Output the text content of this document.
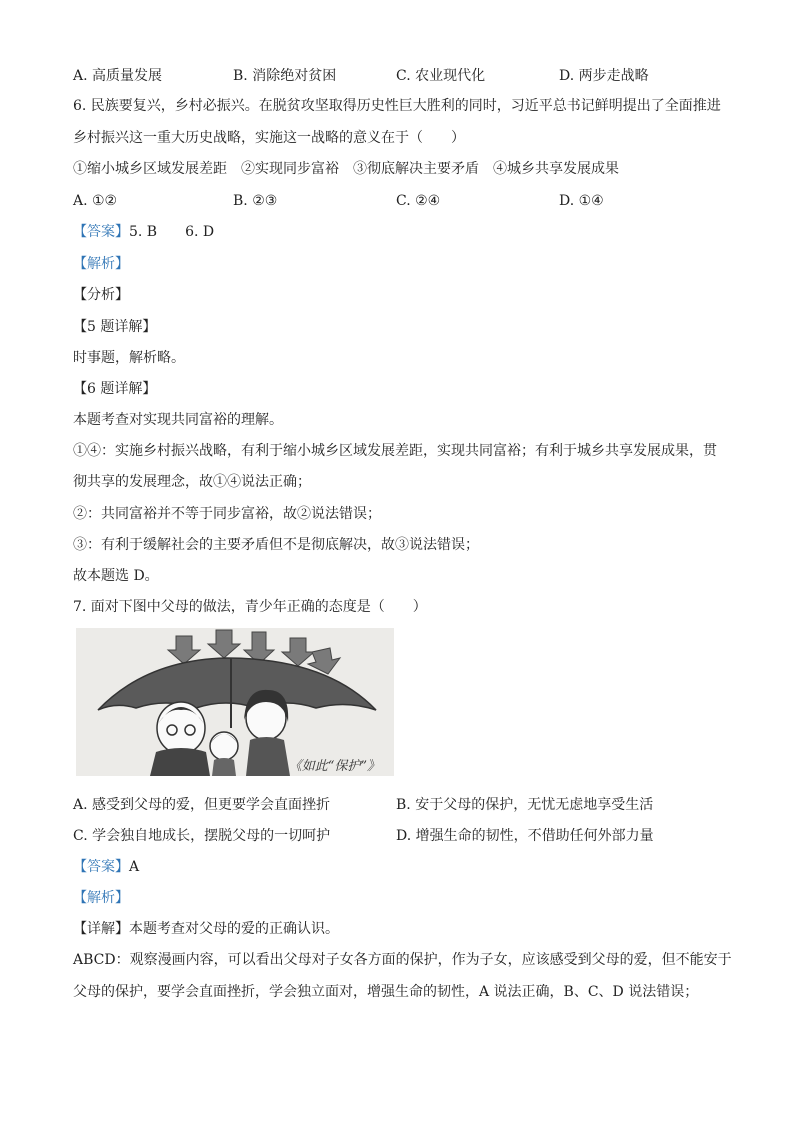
A. 高质量发展	B. 消除绝对贫困	C. 农业现代化	D. 两步走战略
6. 民族要复兴，乡村必振兴。在脱贫攻坚取得历史性巨大胜利的同时，习近平总书记鲜明提出了全面推进
乡村振兴这一重大历史战略，实施这一战略的意义在于（　　）
①缩小城乡区域发展差距　②实现同步富裕　③彻底解决主要矛盾　④城乡共享发展成果
A. ①②	B. ②③	C. ②④	D. ①④
【答案】5. B　　6. D
【解析】
【分析】
【5 题详解】
时事题，解析略。
【6 题详解】
本题考查对实现共同富裕的理解。
①④：实施乡村振兴战略，有利于缩小城乡区域发展差距，实现共同富裕；有利于城乡共享发展成果，贯
彻共享的发展理念，故①④说法正确；
②：共同富裕并不等于同步富裕，故②说法错误；
③：有利于缓解社会的主要矛盾但不是彻底解决，故③说法错误；
故本题选 D。
7. 面对下图中父母的做法，青少年正确的态度是（　　）
《如此“保护”》
A. 感受到父母的爱，但更要学会直面挫折	B. 安于父母的保护，无忧无虑地享受生活
C. 学会独自地成长，摆脱父母的一切呵护	D. 增强生命的韧性，不借助任何外部力量
【答案】A
【解析】
【详解】本题考查对父母的爱的正确认识。
ABCD：观察漫画内容，可以看出父母对子女各方面的保护，作为子女，应该感受到父母的爱，但不能安于
父母的保护，要学会直面挫折，学会独立面对，增强生命的韧性，A 说法正确，B、C、D 说法错误；
